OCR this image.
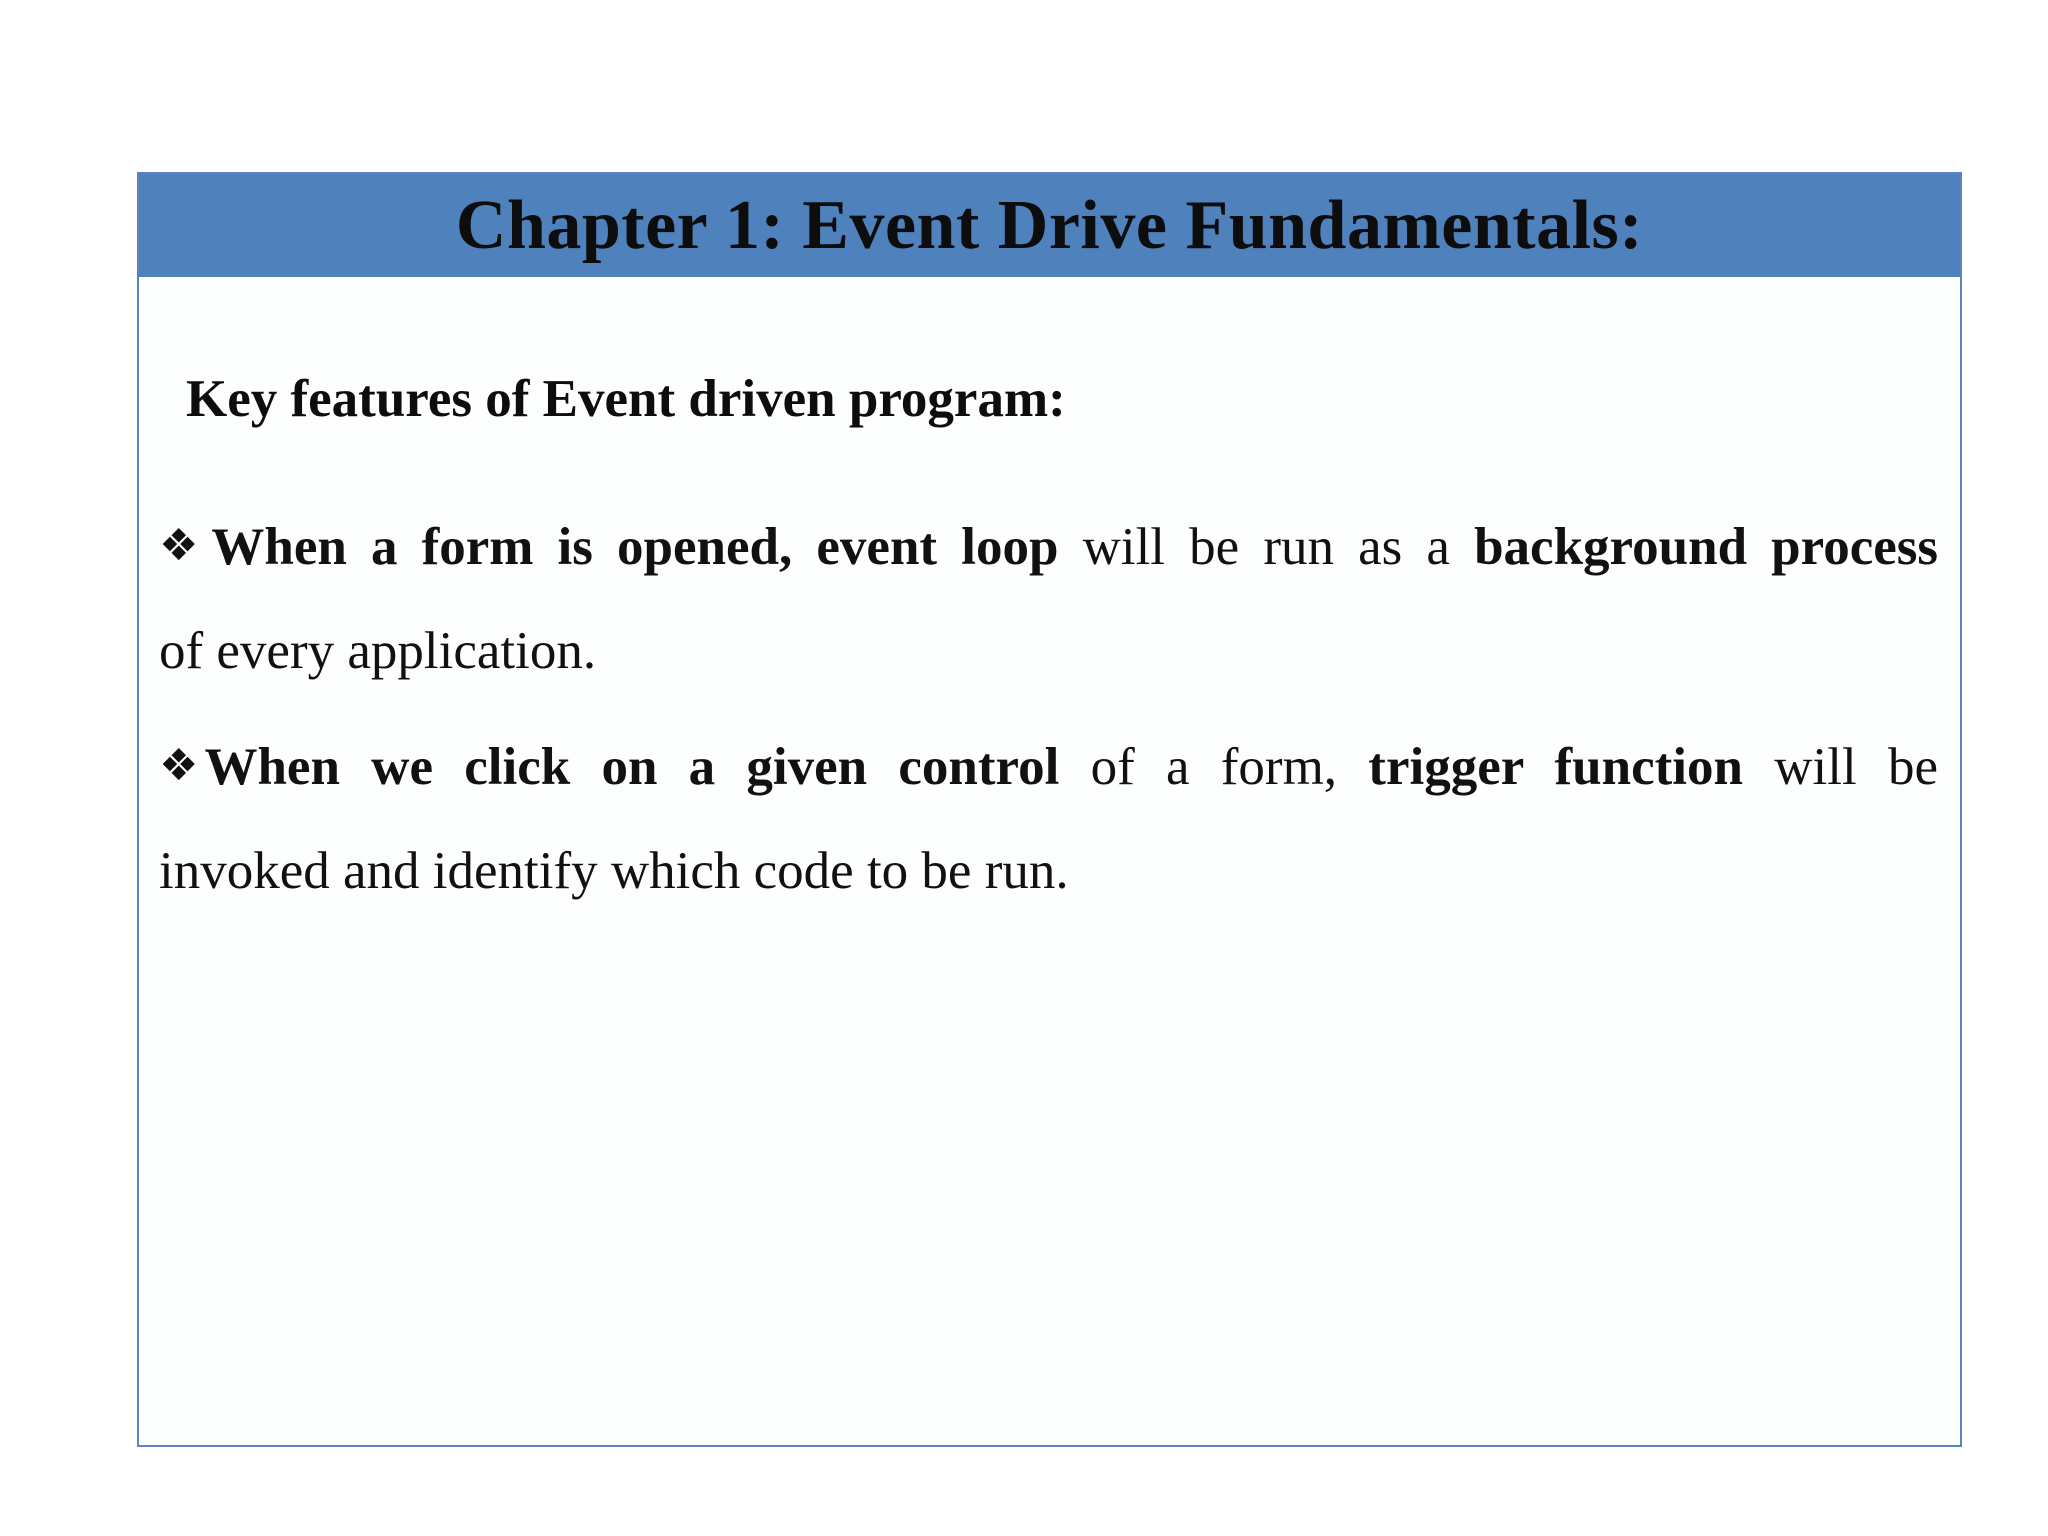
Chapter 1: Event Drive Fundamentals:
Key features of Event driven program:
❖When a form is opened, event loop will be run as a background process
of every application.
❖When we click on a given control of a form, trigger function will be
invoked and identify which code to be run.
